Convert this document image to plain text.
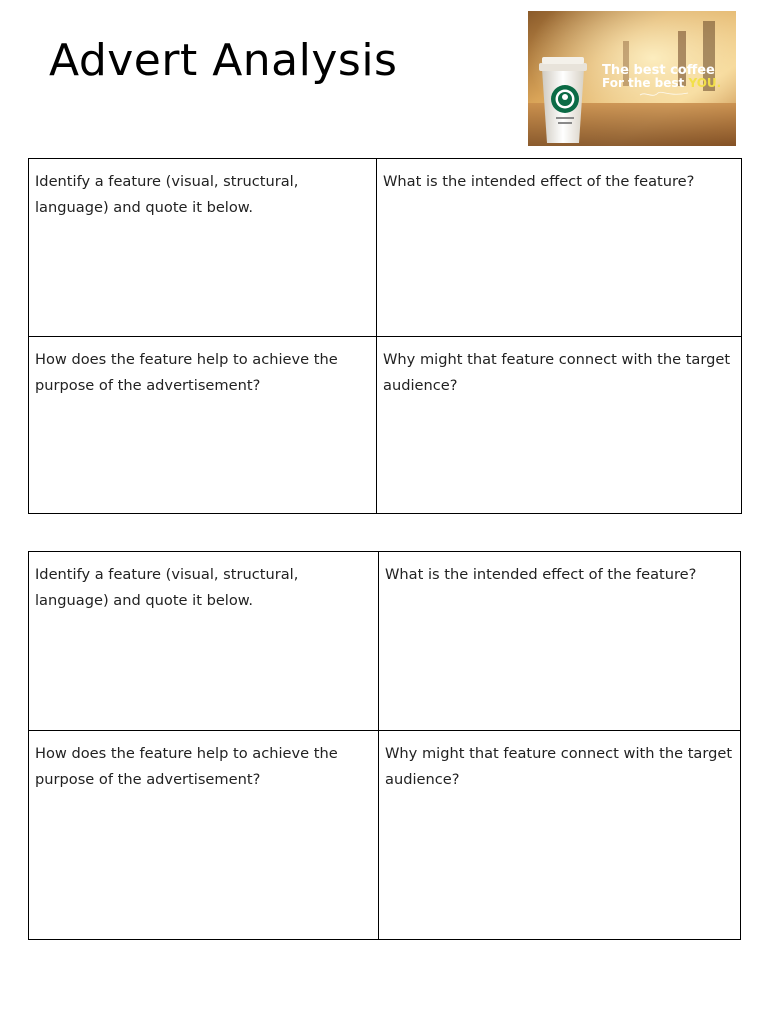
Advert Analysis	The best coffee
For the best YOU.
Identify a feature (visual, structural, language) and quote it below.
What is the intended effect of the feature?
How does the feature help to achieve the purpose of the advertisement?
Why might that feature connect with the target audience?
Identify a feature (visual, structural, language) and quote it below.
What is the intended effect of the feature?
How does the feature help to achieve the purpose of the advertisement?
Why might that feature connect with the target audience?
